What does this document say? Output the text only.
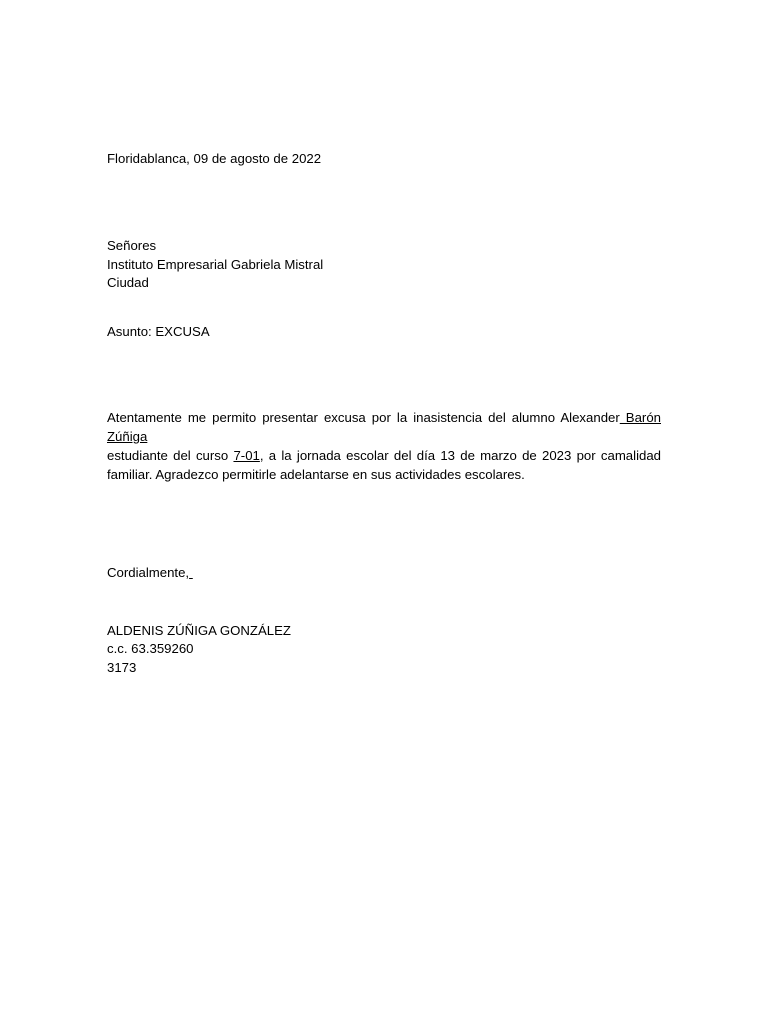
Floridablanca, 09 de agosto de 2022
Señores
Instituto Empresarial Gabriela Mistral
Ciudad
Asunto: EXCUSA
Atentamente me permito presentar excusa por la inasistencia del alumno Alexander Barón Zúñiga
estudiante del curso 7-01, a la jornada escolar del día 13 de marzo de 2023 por camalidad
familiar. Agradezco permitirle adelantarse en sus actividades escolares.
Cordialmente,
ALDENIS ZÚÑIGA GONZÁLEZ
c.c. 63.359260
3173
